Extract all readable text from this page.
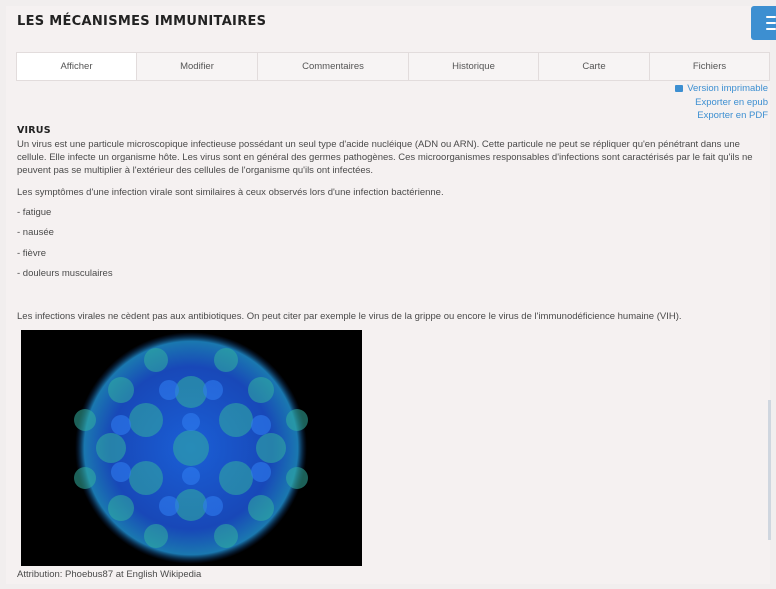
LES MÉCANISMES IMMUNITAIRES
Afficher	Modifier	Commentaires	Historique	Carte	Fichiers
Version imprimable
Exporter en epub
Exporter en PDF
VIRUS

Un virus est une particule microscopique infectieuse possédant un seul type d'acide nucléique (ADN ou ARN). Cette particule ne peut se répliquer qu'en pénétrant dans une cellule. Elle infecte un organisme hôte. Les virus sont en général des germes pathogènes. Ces microorganismes responsables d'infections sont caractérisés par le fait qu'ils ne peuvent pas se multiplier à l'extérieur des cellules de l'organisme qu'ils ont infectées.

Les symptômes d'une infection virale sont similaires à ceux observés lors d'une infection bactérienne.

- fatigue
- nausée
- fièvre
- douleurs musculaires
Les infections virales ne cèdent pas aux antibiotiques. On peut citer par exemple le virus de la grippe ou encore le virus de l'immunodéficience humaine (VIH).
Attribution: Phoebus87 at English Wikipedia
